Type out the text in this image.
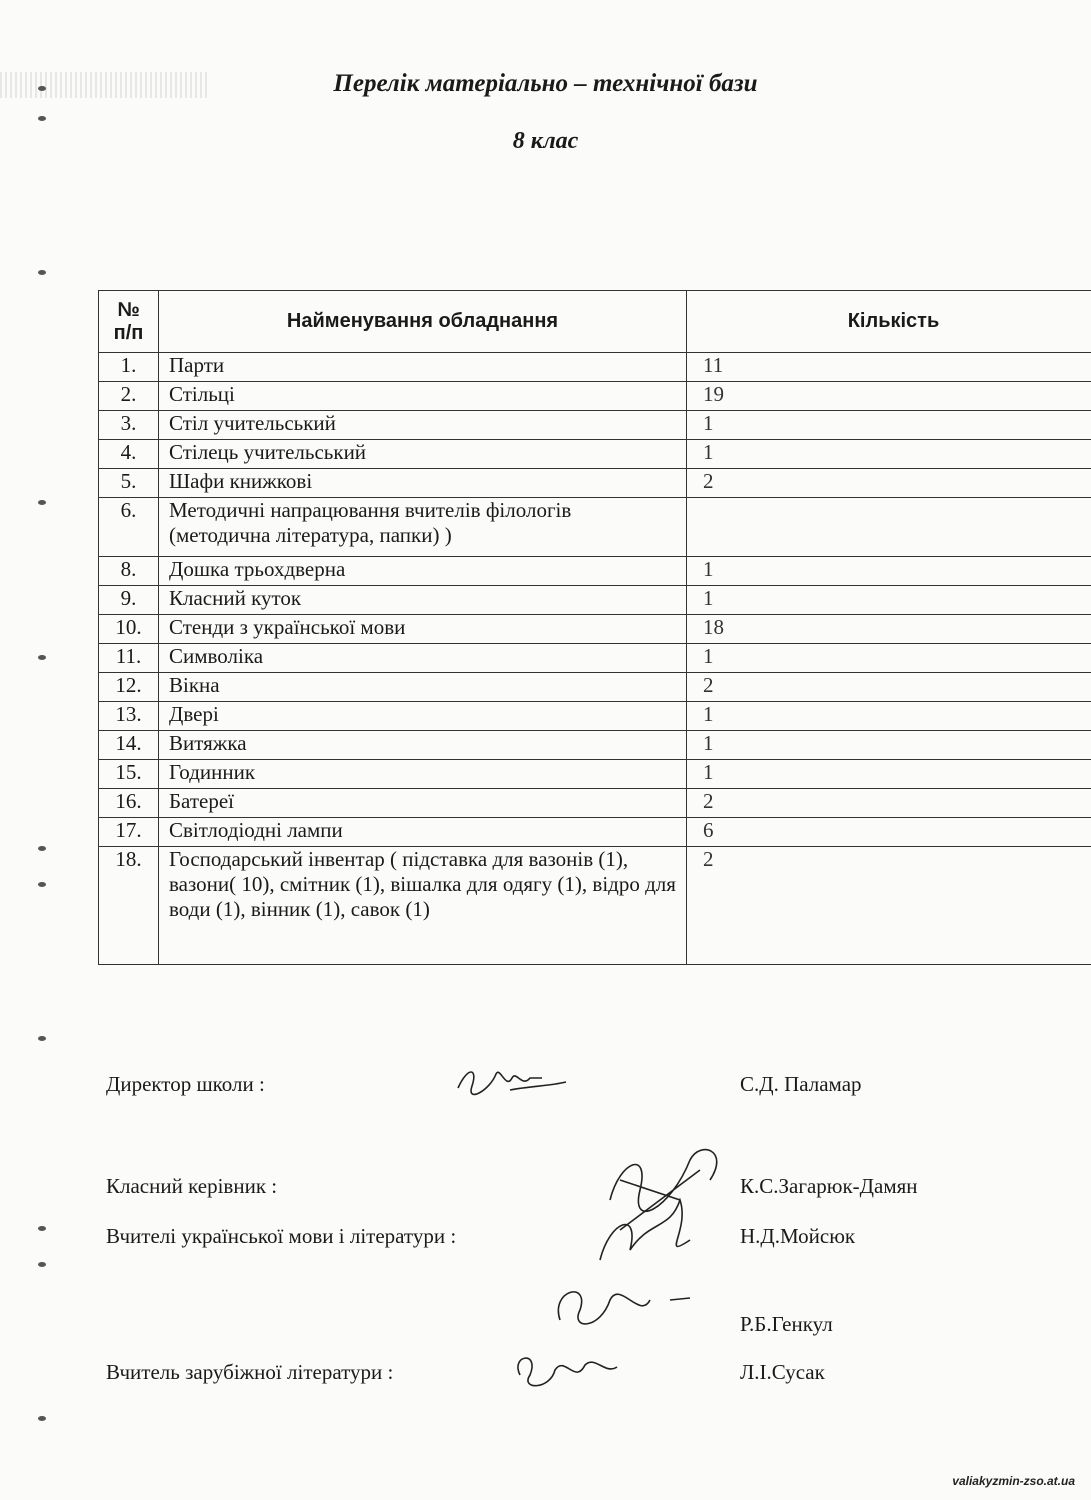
Перелік матеріально – технічної бази
8 клас
№ п/п	Найменування обладнання	Кількість
1.	Парти	11
2.	Стільці	19
3.	Стіл учительський	1
4.	Стілець учительський	1
5.	Шафи книжкові	2
6.	Методичні напрацювання вчителів філологів (методична література, папки) )	
8.	Дошка трьохдверна	1
9.	Класний куток	1
10.	Стенди з української мови	18
11.	Символіка	1
12.	Вікна	2
13.	Двері	1
14.	Витяжка	1
15.	Годинник	1
16.	Батереї	2
17.	Світлодіодні лампи	6
18.	Господарський інвентар ( підставка для вазонів (1), вазони( 10), смітник (1), вішалка для одягу (1), відро для води (1), вінник (1), савок (1)	2
Директор школи :	С.Д. Паламар
Класний керівник :	К.С.Загарюк-Дамян
Вчителі української мови і літератури :	Н.Д.Мойсюк
Р.Б.Генкул
Вчитель зарубіжної літератури :	Л.І.Сусак
valiakyzmin-zso.at.ua
